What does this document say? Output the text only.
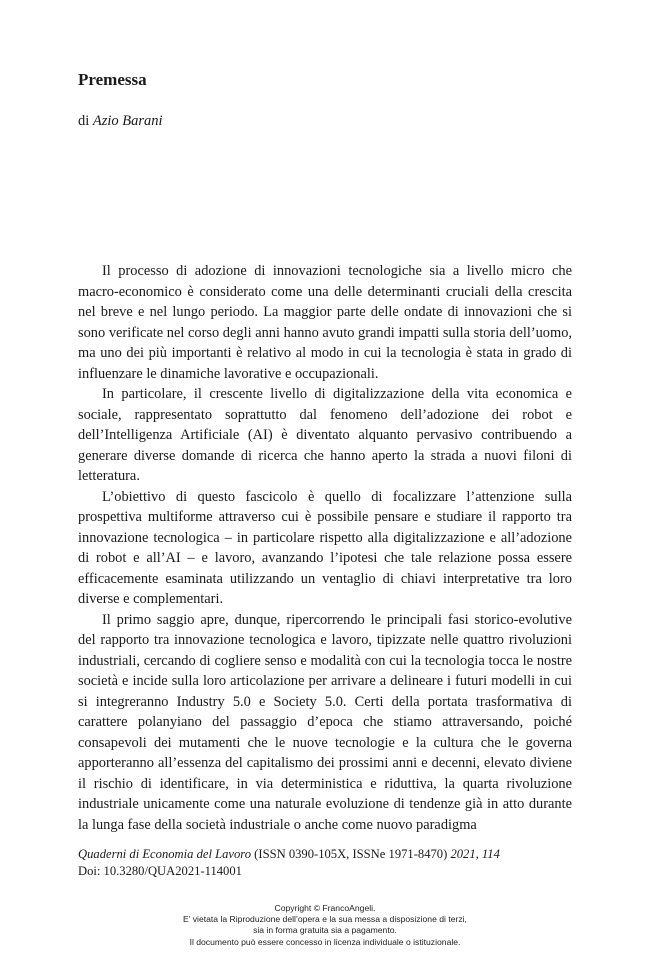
Premessa
di Azio Barani

Il processo di adozione di innovazioni tecnologiche sia a livello micro che macro-economico è considerato come una delle determinanti cruciali della crescita nel breve e nel lungo periodo. La maggior parte delle ondate di innovazioni che si sono verificate nel corso degli anni hanno avuto grandi impatti sulla storia dell’uomo, ma uno dei più importanti è relativo al modo in cui la tecnologia è stata in grado di influenzare le dinamiche lavorative e occupazionali.

In particolare, il crescente livello di digitalizzazione della vita economica e sociale, rappresentato soprattutto dal fenomeno dell’adozione dei robot e dell’Intelligenza Artificiale (AI) è diventato alquanto pervasivo contribuendo a generare diverse domande di ricerca che hanno aperto la strada a nuovi filoni di letteratura.

L’obiettivo di questo fascicolo è quello di focalizzare l’attenzione sulla prospettiva multiforme attraverso cui è possibile pensare e studiare il rapporto tra innovazione tecnologica – in particolare rispetto alla digitalizzazione e all’adozione di robot e all’AI – e lavoro, avanzando l’ipotesi che tale relazione possa essere efficacemente esaminata utilizzando un ventaglio di chiavi interpretative tra loro diverse e complementari.

Il primo saggio apre, dunque, ripercorrendo le principali fasi storico-evolutive del rapporto tra innovazione tecnologica e lavoro, tipizzate nelle quattro rivoluzioni industriali, cercando di cogliere senso e modalità con cui la tecnologia tocca le nostre società e incide sulla loro articolazione per arrivare a delineare i futuri modelli in cui si integreranno Industry 5.0 e Society 5.0. Certi della portata trasformativa di carattere polanyiano del passaggio d’epoca che stiamo attraversando, poiché consapevoli dei mutamenti che le nuove tecnologie e la cultura che le governa apporteranno all’essenza del capitalismo dei prossimi anni e decenni, elevato diviene il rischio di identificare, in via deterministica e riduttiva, la quarta rivoluzione industriale unicamente come una naturale evoluzione di tendenze già in atto durante la lunga fase della società industriale o anche come nuovo paradigma

Quaderni di Economia del Lavoro (ISSN 0390-105X, ISSNe 1971-8470) 2021, 114
Doi: 10.3280/QUA2021-114001
Copyright © FrancoAngeli.
E’ vietata la Riproduzione dell’opera e la sua messa a disposizione di terzi,
sia in forma gratuita sia a pagamento.
Il documento può essere concesso in licenza individuale o istituzionale.
